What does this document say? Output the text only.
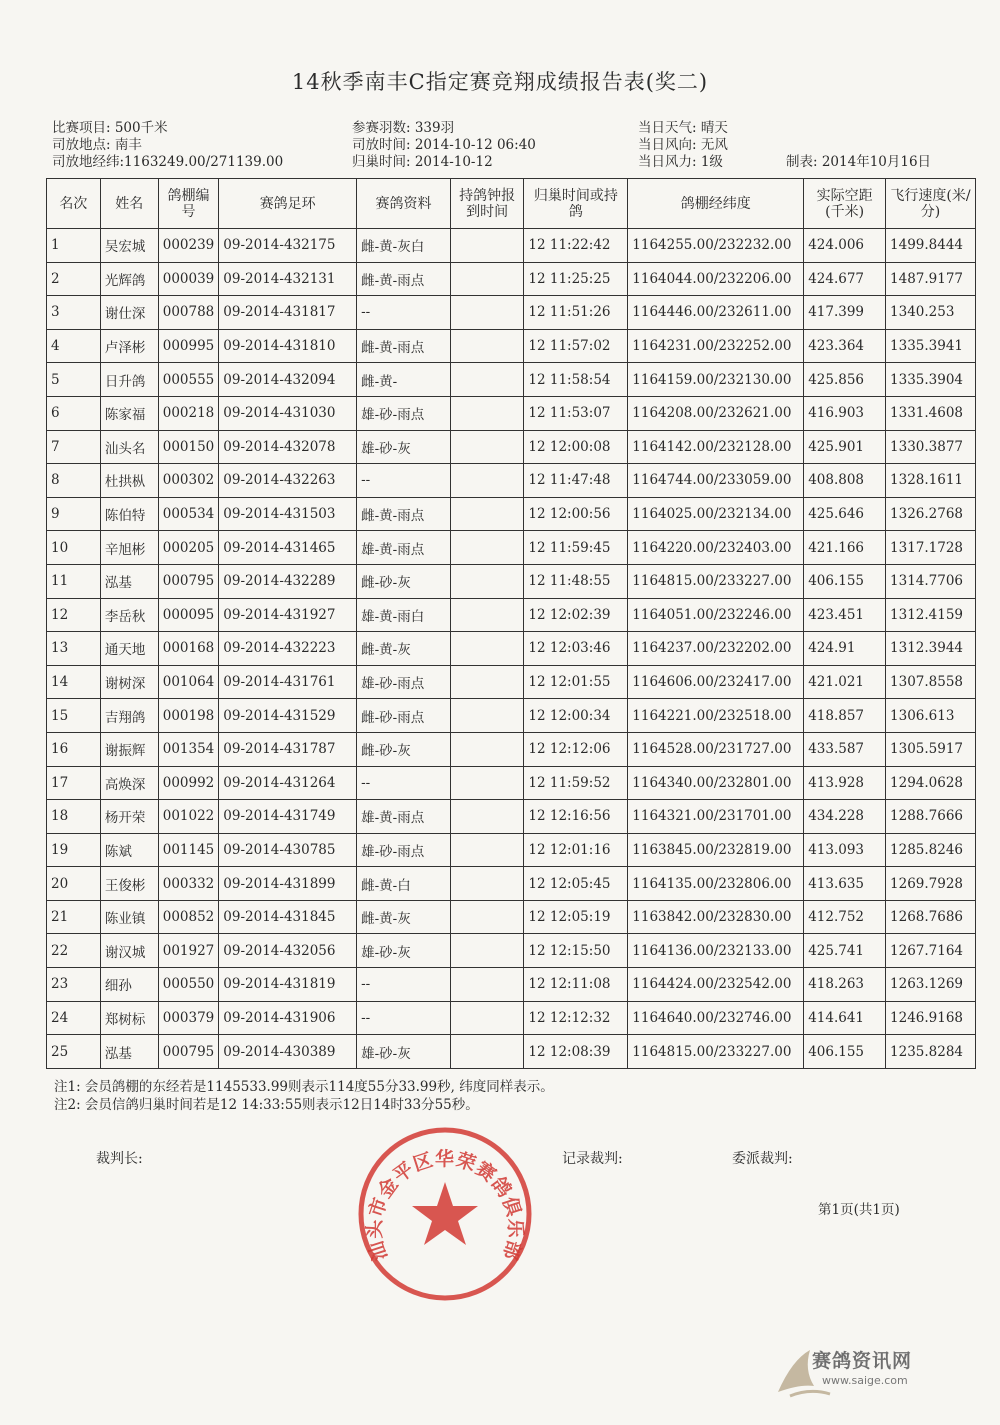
14秋季南丰C指定赛竞翔成绩报告表(奖二)
比赛项目: 500千米
司放地点: 南丰
司放地经纬:1163249.00/271139.00
参赛羽数: 339羽
司放时间: 2014-10-12 06:40
归巢时间: 2014-10-12
当日天气: 晴天
当日风向: 无风
当日风力: 1级	制表: 2014年10月16日
名次	姓名	鸽棚编号	赛鸽足环	赛鸽资料	持鸽钟报到时间	归巢时间或持鸽	鸽棚经纬度	实际空距(千米)	飞行速度(米/分)
1	吴宏城	000239	09-2014-432175	雌-黄-灰白		12 11:22:42	1164255.00/232232.00	424.006	1499.8444
2	光辉鸽	000039	09-2014-432131	雌-黄-雨点		12 11:25:25	1164044.00/232206.00	424.677	1487.9177
3	谢仕深	000788	09-2014-431817	--		12 11:51:26	1164446.00/232611.00	417.399	1340.253
4	卢泽彬	000995	09-2014-431810	雌-黄-雨点		12 11:57:02	1164231.00/232252.00	423.364	1335.3941
5	日升鸽	000555	09-2014-432094	雌-黄-		12 11:58:54	1164159.00/232130.00	425.856	1335.3904
6	陈家福	000218	09-2014-431030	雄-砂-雨点		12 11:53:07	1164208.00/232621.00	416.903	1331.4608
7	汕头名	000150	09-2014-432078	雄-砂-灰		12 12:00:08	1164142.00/232128.00	425.901	1330.3877
8	杜拱枞	000302	09-2014-432263	--		12 11:47:48	1164744.00/233059.00	408.808	1328.1611
9	陈伯特	000534	09-2014-431503	雌-黄-雨点		12 12:00:56	1164025.00/232134.00	425.646	1326.2768
10	辛旭彬	000205	09-2014-431465	雄-黄-雨点		12 11:59:45	1164220.00/232403.00	421.166	1317.1728
11	泓基	000795	09-2014-432289	雌-砂-灰		12 11:48:55	1164815.00/233227.00	406.155	1314.7706
12	李岳秋	000095	09-2014-431927	雄-黄-雨白		12 12:02:39	1164051.00/232246.00	423.451	1312.4159
13	通天地	000168	09-2014-432223	雌-黄-灰		12 12:03:46	1164237.00/232202.00	424.91	1312.3944
14	谢树深	001064	09-2014-431761	雄-砂-雨点		12 12:01:55	1164606.00/232417.00	421.021	1307.8558
15	吉翔鸽	000198	09-2014-431529	雌-砂-雨点		12 12:00:34	1164221.00/232518.00	418.857	1306.613
16	谢振辉	001354	09-2014-431787	雌-砂-灰		12 12:12:06	1164528.00/231727.00	433.587	1305.5917
17	高焕深	000992	09-2014-431264	--		12 11:59:52	1164340.00/232801.00	413.928	1294.0628
18	杨开荣	001022	09-2014-431749	雄-黄-雨点		12 12:16:56	1164321.00/231701.00	434.228	1288.7666
19	陈斌	001145	09-2014-430785	雄-砂-雨点		12 12:01:16	1163845.00/232819.00	413.093	1285.8246
20	王俊彬	000332	09-2014-431899	雌-黄-白		12 12:05:45	1164135.00/232806.00	413.635	1269.7928
21	陈业镇	000852	09-2014-431845	雌-黄-灰		12 12:05:19	1163842.00/232830.00	412.752	1268.7686
22	谢汉城	001927	09-2014-432056	雄-砂-灰		12 12:15:50	1164136.00/232133.00	425.741	1267.7164
23	细孙	000550	09-2014-431819	--		12 12:11:08	1164424.00/232542.00	418.263	1263.1269
24	郑树标	000379	09-2014-431906	--		12 12:12:32	1164640.00/232746.00	414.641	1246.9168
25	泓基	000795	09-2014-430389	雄-砂-灰		12 12:08:39	1164815.00/233227.00	406.155	1235.8284
注1: 会员鸽棚的东经若是1145533.99则表示114度55分33.99秒, 纬度同样表示。
注2: 会员信鸽归巢时间若是12 14:33:55则表示12日14时33分55秒。
裁判长:	记录裁判:	委派裁判:
第1页(共1页)
汕头市金平区华荣赛鸽俱乐部
赛鸽资讯网
www.saige.com
